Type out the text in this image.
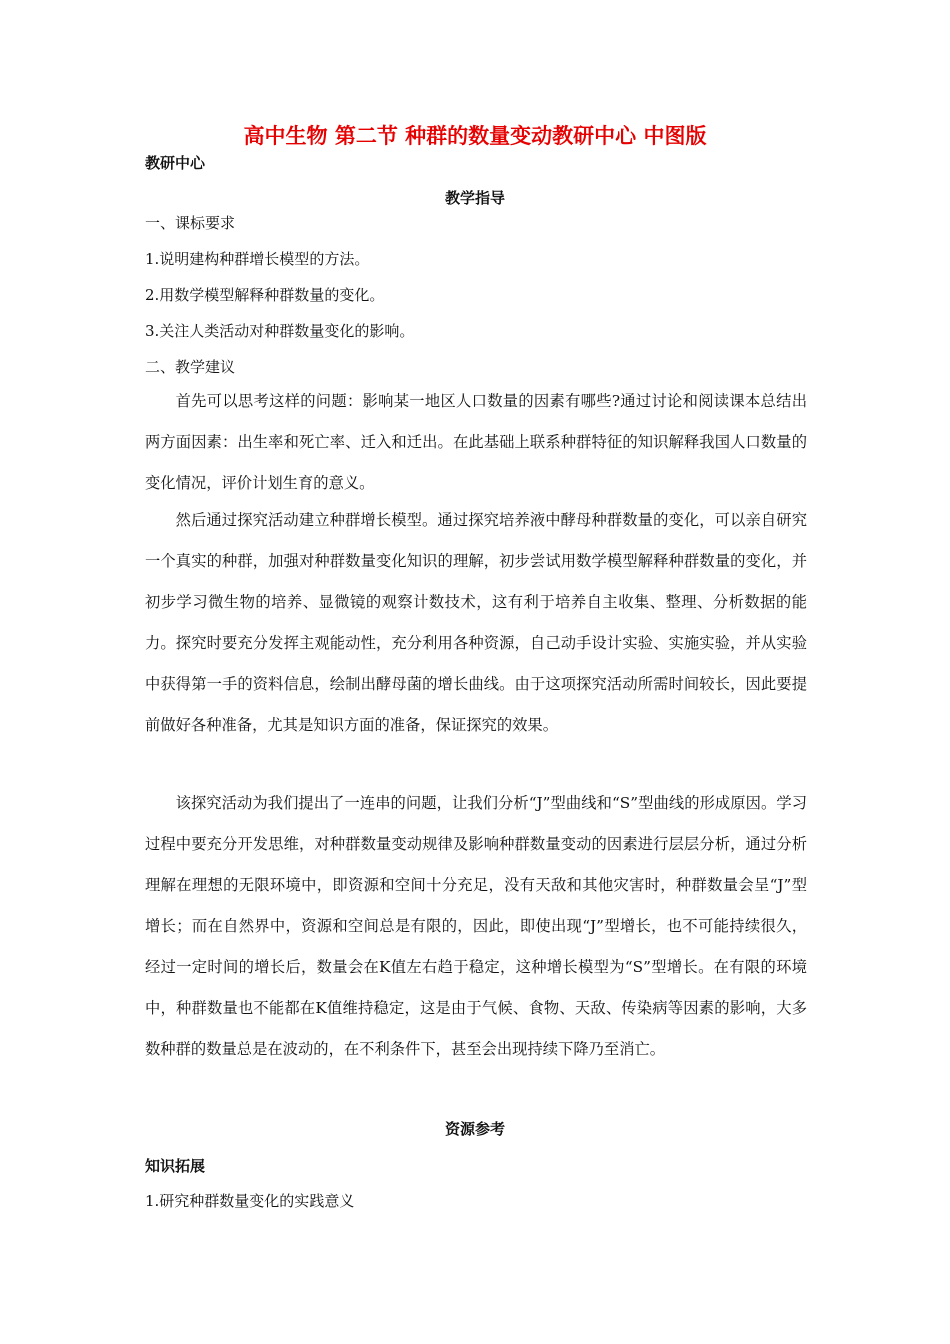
高中生物 第二节 种群的数量变动教研中心 中图版
教研中心
教学指导
一、课标要求
1.说明建构种群增长模型的方法。
2.用数学模型解释种群数量的变化。
3.关注人类活动对种群数量变化的影响。
二、教学建议

首先可以思考这样的问题：影响某一地区人口数量的因素有哪些?通过讨论和阅读课本总结出两方面因素：出生率和死亡率、迁入和迁出。在此基础上联系种群特征的知识解释我国人口数量的变化情况，评价计划生育的意义。

然后通过探究活动建立种群增长模型。通过探究培养液中酵母种群数量的变化，可以亲自研究一个真实的种群，加强对种群数量变化知识的理解，初步尝试用数学模型解释种群数量的变化，并初步学习微生物的培养、显微镜的观察计数技术，这有利于培养自主收集、整理、分析数据的能力。探究时要充分发挥主观能动性，充分利用各种资源，自己动手设计实验、实施实验，并从实验中获得第一手的资料信息，绘制出酵母菌的增长曲线。由于这项探究活动所需时间较长，因此要提前做好各种准备，尤其是知识方面的准备，保证探究的效果。

该探究活动为我们提出了一连串的问题，让我们分析“J”型曲线和“S”型曲线的形成原因。学习过程中要充分开发思维，对种群数量变动规律及影响种群数量变动的因素进行层层分析，通过分析理解在理想的无限环境中，即资源和空间十分充足，没有天敌和其他灾害时，种群数量会呈“J”型增长；而在自然界中，资源和空间总是有限的，因此，即使出现“J”型增长，也不可能持续很久，经过一定时间的增长后，数量会在K值左右趋于稳定，这种增长模型为“S”型增长。在有限的环境中，种群数量也不能都在K值维持稳定，这是由于气候、食物、天敌、传染病等因素的影响，大多数种群的数量总是在波动的，在不利条件下，甚至会出现持续下降乃至消亡。

资源参考
知识拓展
1.研究种群数量变化的实践意义
